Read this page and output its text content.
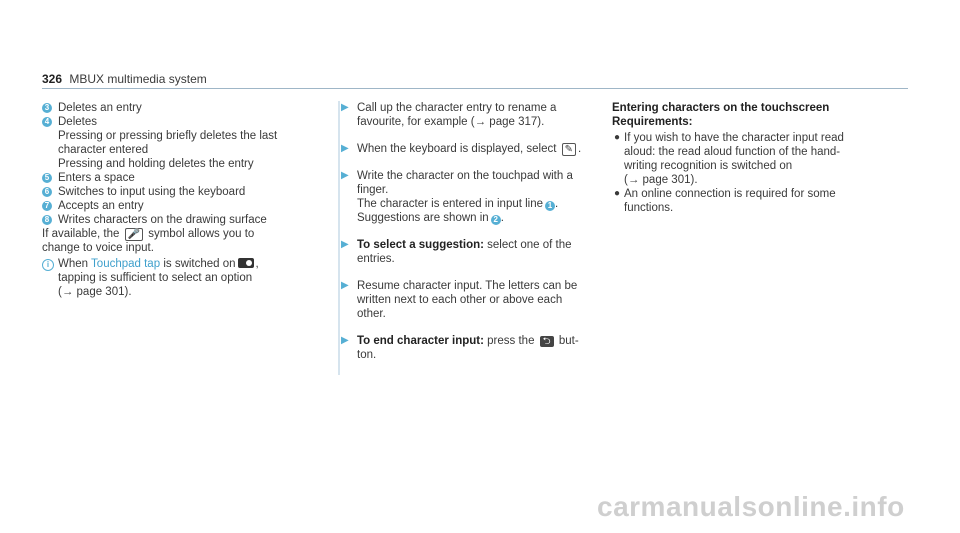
326 MBUX multimedia system
3 Deletes an entry
4 Deletes
Pressing or pressing briefly deletes the last
character entered
Pressing and holding deletes the entry
5 Enters a space
6 Switches to input using the keyboard
7 Accepts an entry
8 Writes characters on the drawing surface
If available, the 🎤 symbol allows you to
change to voice input.
i When Touchpad tap is switched on ,
tapping is sufficient to select an option
(→ page 301).
▶ Call up the character entry to rename a
favourite, for example (→ page 317).
▶ When the keyboard is displayed, select ✎ .
▶ Write the character on the touchpad with a
finger.
The character is entered in input line 1 .
Suggestions are shown in 2 .
▶ To select a suggestion: select one of the
entries.
▶ Resume character input. The letters can be
written next to each other or above each
other.
▶ To end character input: press the ⮌ but-
ton.
Entering characters on the touchscreen
Requirements:
● If you wish to have the character input read
aloud: the read aloud function of the hand-
writing recognition is switched on
(→ page 301).
● An online connection is required for some
functions.
carmanualsonline.info
